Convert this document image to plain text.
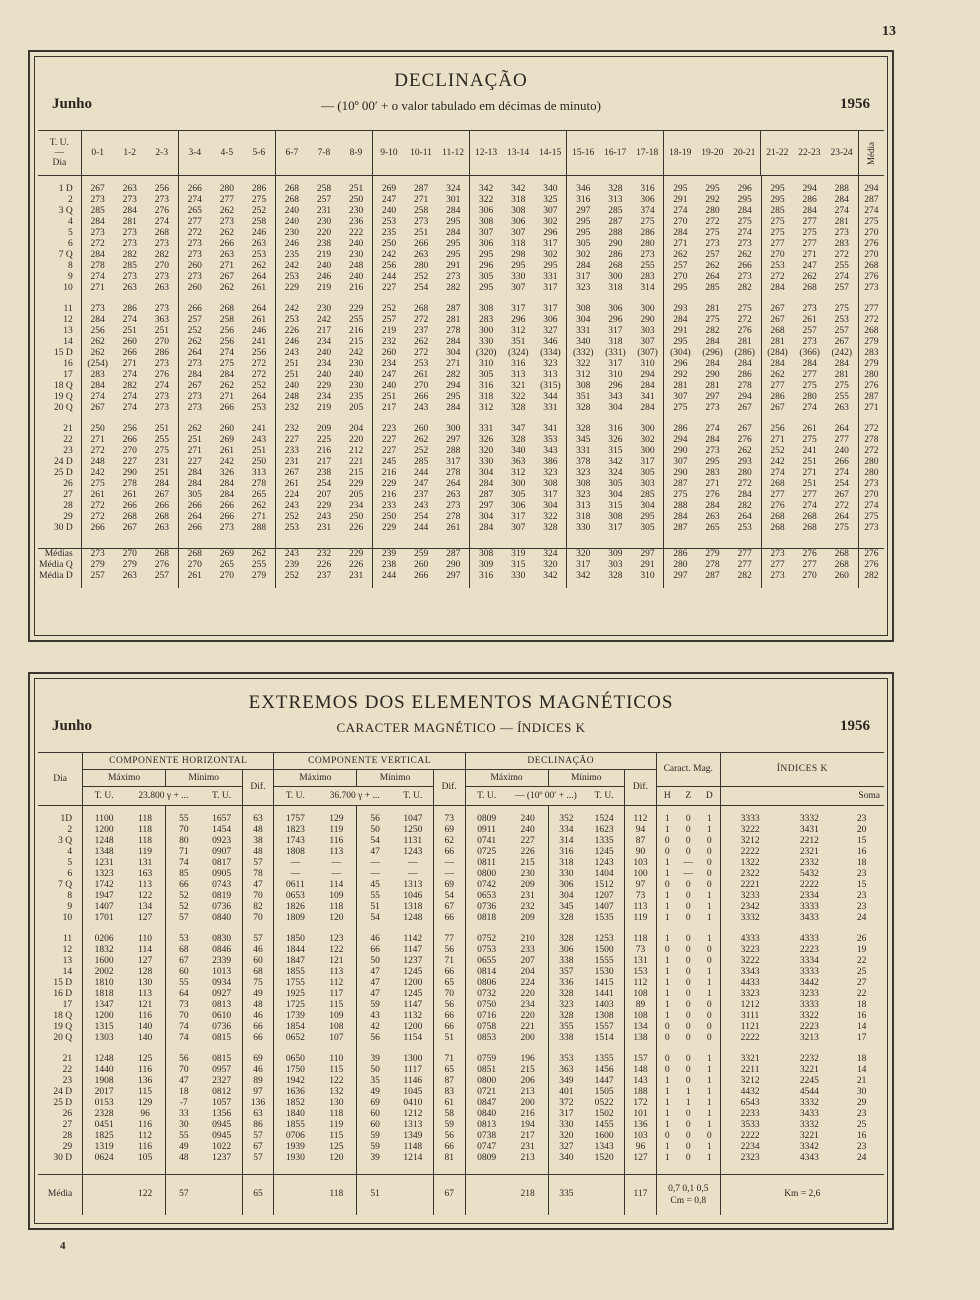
13
DECLINAÇÃO
Junho	— (10º 00′ + o valor tabulado em décimas de minuto)	1956
T. U.
—
Dia

0-1	1-2	2-3	3-4	4-5	5-6	6-7	7-8	8-9	9-10	10-11	11-12	12-13	13-14	14-15	15-16	16-17	17-18	18-19	19-20	20-21	21-22	22-23	23-24
	Média

1 D	267	263	256	266	280	286	268	258	251	269	287	324	342	342	340	346	328	316	295	295	296	295	294	288	294
2	273	273	273	274	277	275	268	257	250	247	271	301	322	318	325	316	313	306	291	292	295	295	286	284	287
3 Q	285	284	276	265	262	252	240	231	230	240	258	284	306	308	307	297	285	374	274	280	284	285	284	274	274
4	284	281	274	277	273	258	240	230	236	253	273	295	308	306	302	295	287	275	270	272	275	275	277	281	275
5	273	273	268	272	262	246	230	220	222	235	251	284	307	307	296	295	288	286	284	275	274	275	275	273	270
6	272	273	273	273	266	263	246	238	240	250	266	295	306	318	317	305	290	280	271	273	273	277	277	283	276
7 Q	284	282	282	273	263	253	235	219	230	242	263	295	295	298	302	302	286	273	262	257	262	270	271	272	270
8	278	285	270	260	271	262	242	240	248	256	280	291	296	295	295	284	268	255	257	262	266	253	247	255	268
9	274	273	273	273	267	264	253	246	240	244	252	273	305	330	331	317	300	283	270	264	273	272	262	274	276
10	271	263	263	260	262	261	229	219	216	227	254	282	295	307	317	323	318	314	295	285	282	284	268	257	273

11	273	286	273	266	268	264	242	230	229	252	268	287	308	317	317	308	306	300	293	281	275	267	273	275	277
12	284	274	363	257	258	261	253	242	255	257	272	281	283	296	306	304	296	290	284	275	272	267	261	253	272
13	256	251	251	252	256	246	226	217	216	219	237	278	300	312	327	331	317	303	291	282	276	268	257	257	268
14	262	260	270	262	256	241	246	234	215	232	262	284	330	351	346	340	318	307	295	284	281	281	273	267	279
15 D	262	266	286	264	274	256	243	240	242	260	272	304	(320)	(324)	(334)	(332)	(331)	(307)	(304)	(296)	(286)	(284)	(366)	(242)	283
16	(254)	271	273	273	275	272	251	234	230	234	253	271	310	316	323	322	317	310	296	284	284	284	284	284	279
17	283	274	276	284	284	272	251	240	240	247	261	282	305	313	313	312	310	294	292	290	286	262	277	281	280
18 Q	284	282	274	267	262	252	240	229	230	240	270	294	316	321	(315)	308	296	284	281	281	278	277	275	275	276
19 Q	274	274	273	273	271	264	248	234	235	251	266	295	318	322	344	351	343	341	307	297	294	286	280	255	287
20 Q	267	274	273	273	266	253	232	219	205	217	243	284	312	328	331	328	304	284	275	273	267	267	274	263	271

21	250	256	251	262	260	241	232	209	204	223	260	300	331	347	341	328	316	300	286	274	267	256	261	264	272
22	271	266	255	251	269	243	227	225	220	227	262	297	326	328	353	345	326	302	294	284	276	271	275	277	278
23	272	270	275	271	261	251	233	216	212	227	252	288	320	340	343	331	315	300	290	273	262	252	241	240	272
24 D	248	227	231	227	242	250	231	217	221	245	285	317	330	363	386	378	342	317	307	295	293	242	251	266	280
25 D	242	290	251	284	326	313	267	238	215	216	244	278	304	312	323	323	324	305	290	283	280	274	271	274	280
26	275	278	284	284	284	278	261	254	229	229	247	264	284	300	308	308	305	303	287	271	272	268	251	254	273
27	261	261	267	305	284	265	224	207	205	216	237	263	287	305	317	323	304	285	275	276	284	277	277	267	270
28	272	266	266	266	266	262	243	229	234	233	243	273	297	306	304	313	315	304	288	284	282	276	274	272	274
29	272	268	268	264	266	271	252	243	250	250	254	278	304	317	322	318	308	295	284	263	264	268	268	264	275
30 D	266	267	263	266	273	288	253	231	226	229	244	261	284	307	328	330	317	305	287	265	253	268	268	275	273

Médias	273	270	268	268	269	262	243	232	229	239	259	287	308	319	324	320	309	297	286	279	277	273	276	268	276
Média Q	279	279	276	270	265	255	239	226	226	238	260	290	309	315	320	317	303	291	280	278	277	277	277	268	276
Média D	257	263	257	261	270	279	252	237	231	244	266	297	316	330	342	342	328	310	297	287	282	273	270	260	282

EXTREMOS DOS ELEMENTOS MAGNÉTICOS
Junho	CARACTER MAGNÉTICO — ÍNDICES K	1956
Dia	COMPONENTE HORIZONTAL					COMPONENTE VERTICAL					DECLINAÇÃO					Caract. Mag.			ÍNDICES K		
	Máximo		Mínimo		Dif.	Máximo		Mínimo		Dif.	Máximo		Mínimo		Dif.						
	T. U.	23.800 γ + ...		T. U.		T. U.	36.700 γ + ...		T. U.		T. U.	— (10º 00′ + ...)		T. U.		H	Z	D			Soma

1D	1100	118	55	1657	63	1757	129	56	1047	73	0809	240	352	1524	112	1	0	1	3333	3332	23
2	1200	118	70	1454	48	1823	119	50	1250	69	0911	240	334	1623	94	1	0	1	3222	3431	20
3 Q	1248	118	80	0923	38	1743	116	54	1131	62	0741	227	314	1335	87	0	0	0	3212	2212	15
4	1348	119	71	0907	48	1808	113	47	1243	66	0725	226	316	1245	90	0	0	0	2222	2321	16
5	1231	131	74	0817	57	—	—	—	—	—	0811	215	318	1243	103	1	—	0	1322	2332	18
6	1323	163	85	0905	78	—	—	—	—	—	0800	230	330	1404	100	1	—	0	2322	5432	23
7 Q	1742	113	66	0743	47	0611	114	45	1313	69	0742	209	306	1512	97	0	0	0	2221	2222	15
8	1947	122	52	0819	70	0653	109	55	1046	54	0653	231	304	1207	73	1	0	1	3233	2334	23
9	1407	134	52	0736	82	1826	118	51	1318	67	0736	232	345	1407	113	1	0	1	2342	3333	23
10	1701	127	57	0840	70	1809	120	54	1248	66	0818	209	328	1535	119	1	0	1	3332	3433	24

11	0206	110	53	0830	57	1850	123	46	1142	77	0752	210	328	1253	118	1	0	1	4333	4333	26
12	1832	114	68	0846	46	1844	122	66	1147	56	0753	233	306	1500	73	0	0	0	3223	2223	19
13	1600	127	67	2339	60	1847	121	50	1237	71	0655	207	338	1555	131	1	0	0	3222	3334	22
14	2002	128	60	1013	68	1855	113	47	1245	66	0814	204	357	1530	153	1	0	1	3343	3333	25
15 D	1810	130	55	0934	75	1755	112	47	1200	65	0806	224	336	1415	112	1	0	1	4433	3442	27
16 D	1818	113	64	0927	49	1925	117	47	1245	70	0732	220	328	1441	108	1	0	1	3323	3233	22
17	1347	121	73	0813	48	1725	115	59	1147	56	0750	234	323	1403	89	1	0	0	1212	3333	18
18 Q	1200	116	70	0610	46	1739	109	43	1132	66	0716	220	328	1308	108	1	0	0	3111	3322	16
19 Q	1315	140	74	0736	66	1854	108	42	1200	66	0758	221	355	1557	134	0	0	0	1121	2223	14
20 Q	1303	140	74	0815	66	0652	107	56	1154	51	0853	200	338	1514	138	0	0	0	2222	3213	17

21	1248	125	56	0815	69	0650	110	39	1300	71	0759	196	353	1355	157	0	0	1	3321	2232	18
22	1440	116	70	0957	46	1750	115	50	1117	65	0851	215	363	1456	148	0	0	1	2211	3221	14
23	1908	136	47	2327	89	1942	122	35	1146	87	0800	206	349	1447	143	1	0	1	3212	2245	21
24 D	2017	115	18	0812	97	1636	132	49	1045	83	0721	213	401	1505	188	1	1	1	4432	4544	30
25 D	0153	129	-7	1057	136	1852	130	69	0410	61	0847	200	372	0522	172	1	1	1	6543	3332	29
26	2328	96	33	1356	63	1840	118	60	1212	58	0840	216	317	1502	101	1	0	1	2233	3433	23
27	0451	116	30	0945	86	1855	119	60	1313	59	0813	194	330	1455	136	1	0	1	3533	3332	25
28	1825	112	55	0945	57	0706	115	59	1349	56	0738	217	320	1600	103	0	0	0	2222	3221	16
29	1319	116	49	1022	67	1939	125	59	1148	66	0747	231	327	1343	96	1	0	1	2234	3342	23
30 D	0624	105	48	1237	57	1930	120	39	1214	81	0809	213	340	1520	127	1	0	1	2323	4343	24

Média		122	57		65		118	51		67		218	335		117	0,7 0,1 0,5
Cm = 0,8			Km = 2,6		
4
